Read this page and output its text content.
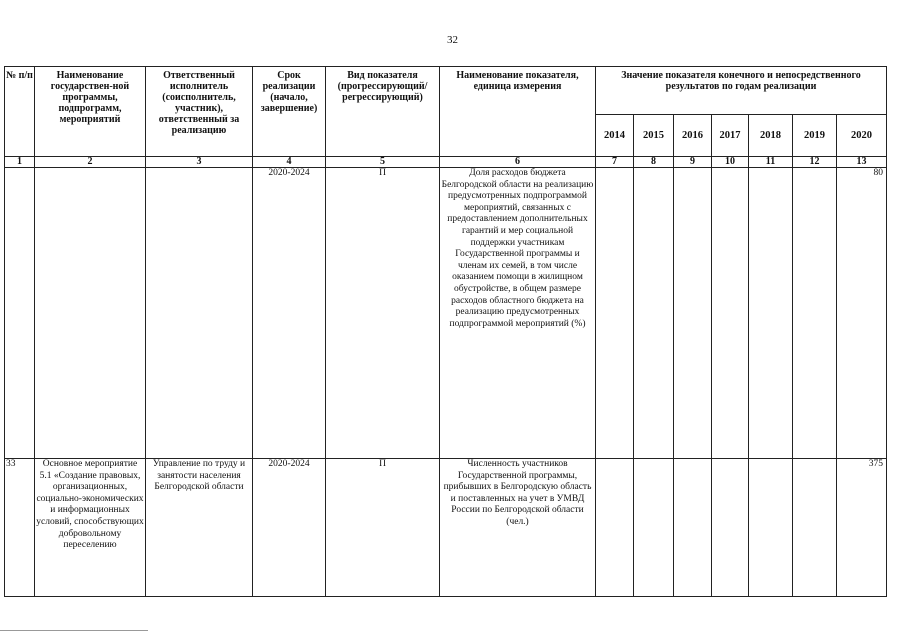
32
№ п/п	Наименование государствен-ной программы, подпрограмм, мероприятий	Ответственный исполнитель (соисполнитель, участник), ответственный за реализацию	Срок реализации (начало, завершение)	Вид показателя (прогрессирующий/ регрессирующий)	Наименование показателя, единица измерения	Значение показателя конечного и непосредственного результатов по годам реализации						
						2014	2015	2016	2017	2018	2019	2020
1	2	3	4	5	6	7	8	9	10	11	12	13
			2020-2024	П	Доля расходов бюджета Белгородской области на реализацию предусмотренных подпрограммой мероприятий, связанных с предоставлением дополнительных гарантий и мер социальной поддержки участникам Государственной программы и членам их семей, в том числе оказанием помощи в жилищном обустройстве, в общем размере расходов областного бюджета на реализацию предусмотренных подпрограммой мероприятий (%)							80
33	Основное мероприятие 5.1 «Создание правовых, организационных, социально-экономических и информационных условий, способствующих добровольному переселению	Управление по труду и занятости населения Белгородской области	2020-2024	П	Численность участников Государственной программы, прибывших в Белгородскую область и поставленных на учет в УМВД России по Белгородской области (чел.)							375
